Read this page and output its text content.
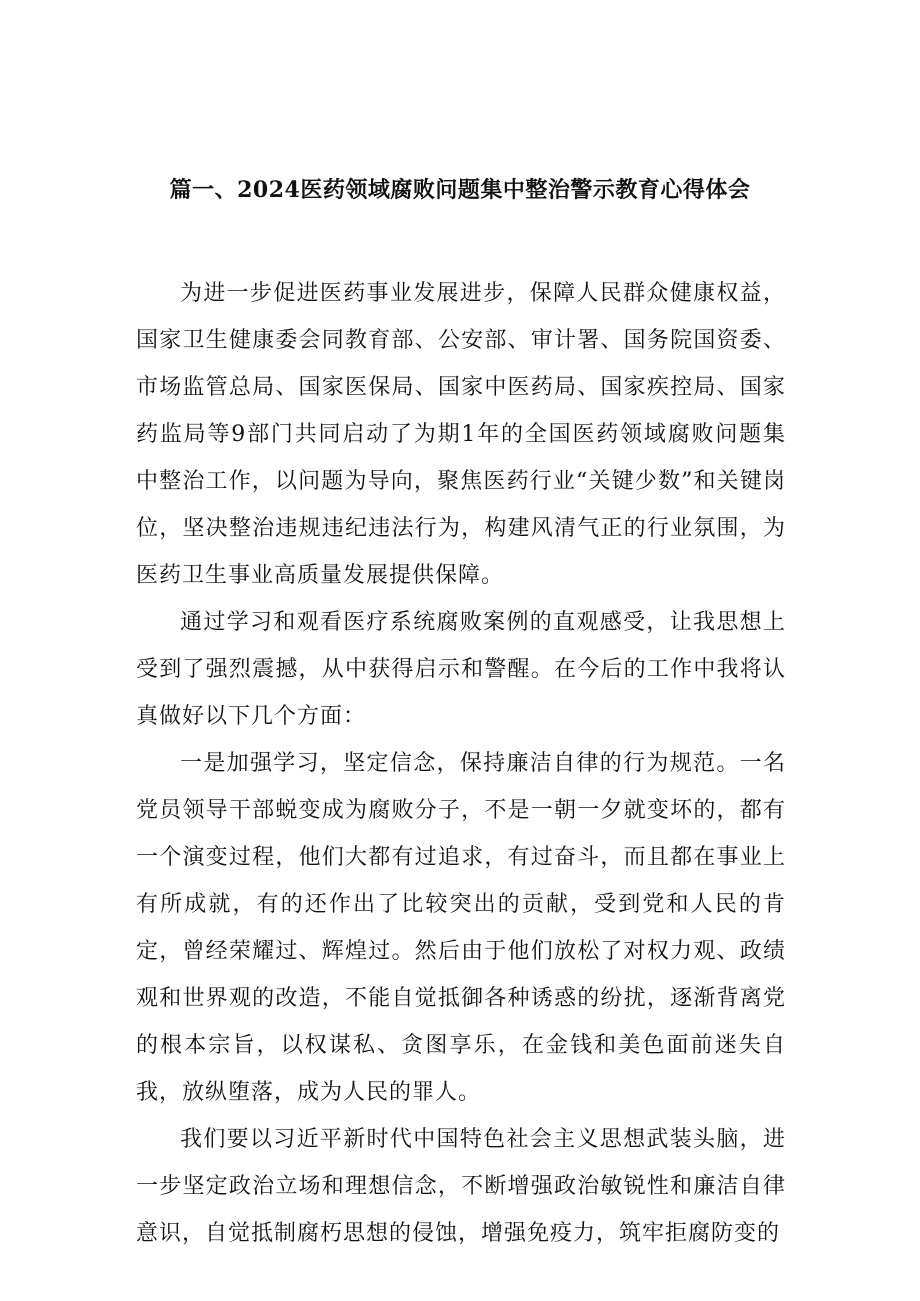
篇一、2024医药领域腐败问题集中整治警示教育心得体会

为进一步促进医药事业发展进步，保障人民群众健康权益，国家卫生健康委会同教育部、公安部、审计署、国务院国资委、市场监管总局、国家医保局、国家中医药局、国家疾控局、国家药监局等9部门共同启动了为期1年的全国医药领域腐败问题集中整治工作，以问题为导向，聚焦医药行业“关键少数”和关键岗位，坚决整治违规违纪违法行为，构建风清气正的行业氛围，为医药卫生事业高质量发展提供保障。

通过学习和观看医疗系统腐败案例的直观感受，让我思想上受到了强烈震撼，从中获得启示和警醒。在今后的工作中我将认真做好以下几个方面：

一是加强学习，坚定信念，保持廉洁自律的行为规范。一名党员领导干部蜕变成为腐败分子，不是一朝一夕就变坏的，都有一个演变过程，他们大都有过追求，有过奋斗，而且都在事业上有所成就，有的还作出了比较突出的贡献，受到党和人民的肯定，曾经荣耀过、辉煌过。然后由于他们放松了对权力观、政绩观和世界观的改造，不能自觉抵御各种诱惑的纷扰，逐渐背离党的根本宗旨，以权谋私、贪图享乐，在金钱和美色面前迷失自我，放纵堕落，成为人民的罪人。

我们要以习近平新时代中国特色社会主义思想武装头脑，进一步坚定政治立场和理想信念，不断增强政治敏锐性和廉洁自律意识，自觉抵制腐朽思想的侵蚀，增强免疫力，筑牢拒腐防变的
